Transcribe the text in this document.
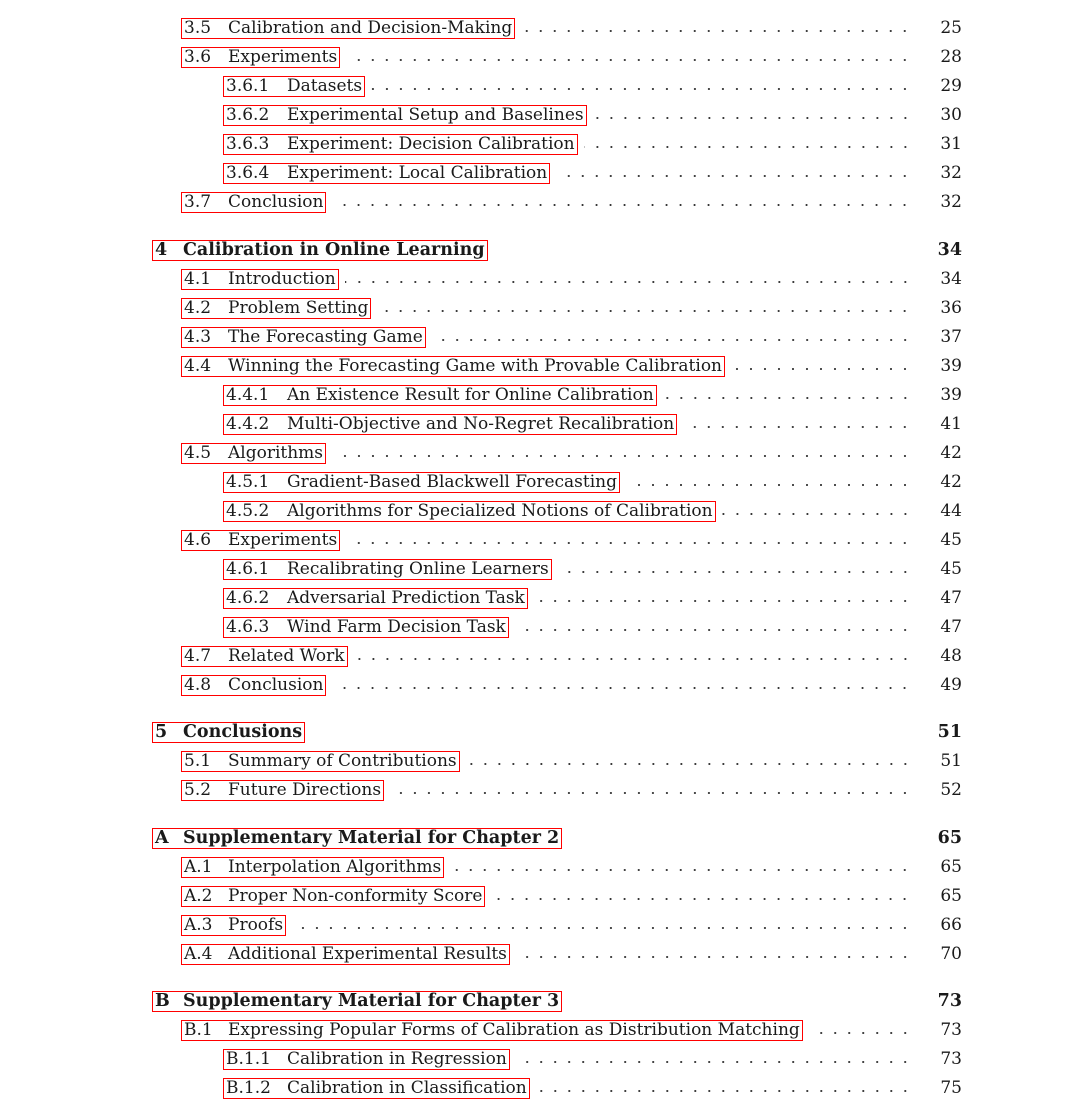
3.5 Calibration and Decision-Making	25
3.6 Experiments	28
3.6.1	Datasets	29
3.6.2	Experimental Setup and Baselines	30
3.6.3	Experiment: Decision Calibration	31
3.6.4	Experiment: Local Calibration	32
3.7 Conclusion	32
4 Calibration in Online Learning	34
4.1 Introduction	34
4.2 Problem Setting	36
4.3 The Forecasting Game	37
4.4 Winning the Forecasting Game with Provable Calibration	39
4.4.1	An Existence Result for Online Calibration	39
4.4.2	Multi-Objective and No-Regret Recalibration	41
4.5 Algorithms	42
4.5.1	Gradient-Based Blackwell Forecasting	42
4.5.2	Algorithms for Specialized Notions of Calibration	44
4.6 Experiments	45
4.6.1	Recalibrating Online Learners	45
4.6.2	Adversarial Prediction Task	47
4.6.3	Wind Farm Decision Task	47
4.7 Related Work	48
4.8 Conclusion	49
5 Conclusions	51
5.1 Summary of Contributions	51
5.2 Future Directions	52
A Supplementary Material for Chapter 2	65
A.1 Interpolation Algorithms	65
A.2 Proper Non-conformity Score	65
A.3 Proofs	66
A.4 Additional Experimental Results	70
B Supplementary Material for Chapter 3	73
B.1 Expressing Popular Forms of Calibration as Distribution Matching	73
B.1.1 Calibration in Regression	73
B.1.2 Calibration in Classification	75
